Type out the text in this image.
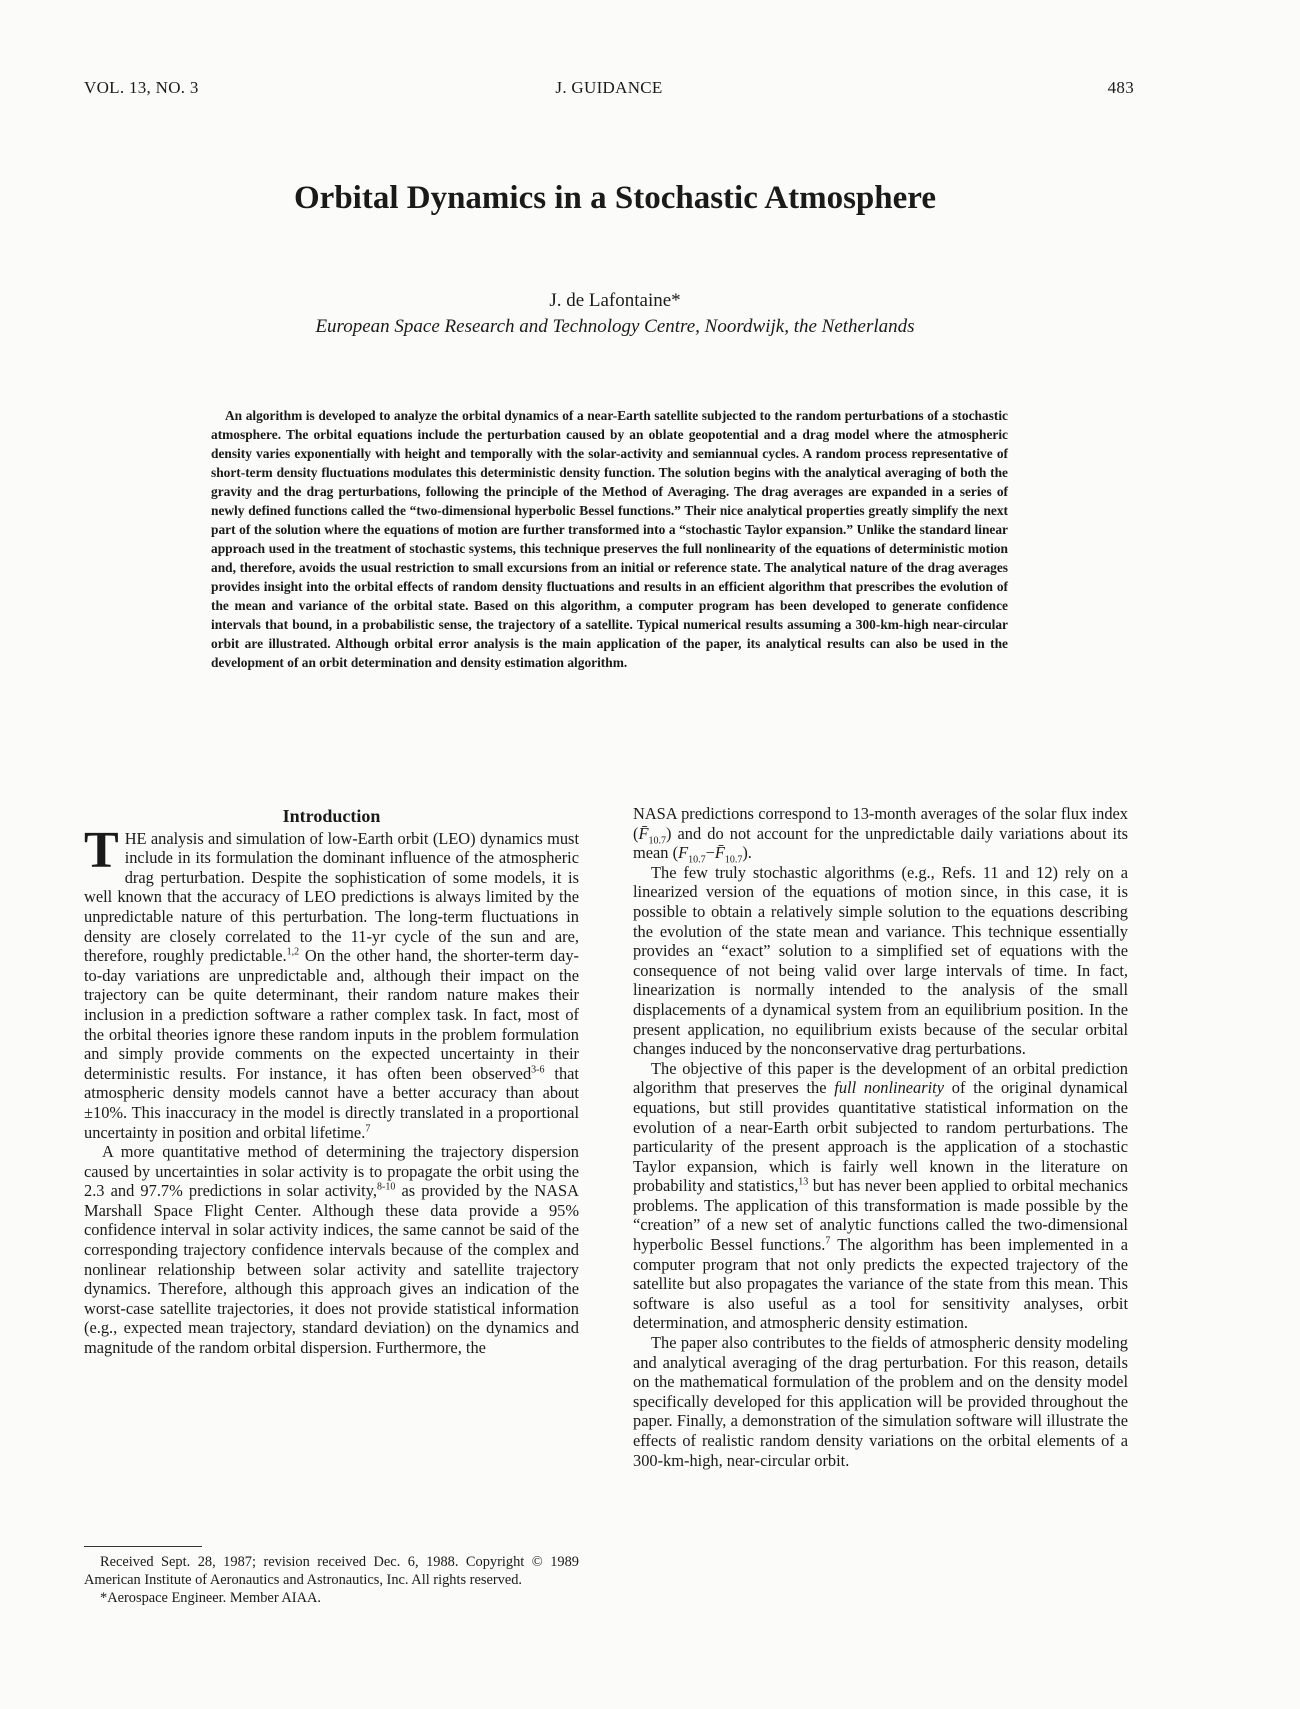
VOL. 13, NO. 3	J. GUIDANCE	483
Orbital Dynamics in a Stochastic Atmosphere
J. de Lafontaine*
European Space Research and Technology Centre, Noordwijk, the Netherlands

An algorithm is developed to analyze the orbital dynamics of a near-Earth satellite subjected to the random perturbations of a stochastic atmosphere. The orbital equations include the perturbation caused by an oblate geopotential and a drag model where the atmospheric density varies exponentially with height and temporally with the solar-activity and semiannual cycles. A random process representative of short-term density fluctuations modulates this deterministic density function. The solution begins with the analytical averaging of both the gravity and the drag perturbations, following the principle of the Method of Averaging. The drag averages are expanded in a series of newly defined functions called the “two-dimensional hyperbolic Bessel functions.” Their nice analytical properties greatly simplify the next part of the solution where the equations of motion are further transformed into a “stochastic Taylor expansion.” Unlike the standard linear approach used in the treatment of stochastic systems, this technique preserves the full nonlinearity of the equations of deterministic motion and, therefore, avoids the usual restriction to small excursions from an initial or reference state. The analytical nature of the drag averages provides insight into the orbital effects of random density fluctuations and results in an efficient algorithm that prescribes the evolution of the mean and variance of the orbital state. Based on this algorithm, a computer program has been developed to generate confidence intervals that bound, in a probabilistic sense, the trajectory of a satellite. Typical numerical results assuming a 300-km-high near-circular orbit are illustrated. Although orbital error analysis is the main application of the paper, its analytical results can also be used in the development of an orbit determination and density estimation algorithm.

Introduction

THE analysis and simulation of low-Earth orbit (LEO) dynamics must include in its formulation the dominant influence of the atmospheric drag perturbation. Despite the sophistication of some models, it is well known that the accuracy of LEO predictions is always limited by the unpredictable nature of this perturbation. The long-term fluctuations in density are closely correlated to the 11-yr cycle of the sun and are, therefore, roughly predictable.$^{1,2}$ On the other hand, the shorter-term day-to-day variations are unpredictable and, although their impact on the trajectory can be quite determinant, their random nature makes their inclusion in a prediction software a rather complex task. In fact, most of the orbital theories ignore these random inputs in the problem formulation and simply provide comments on the expected uncertainty in their deterministic results. For instance, it has often been observed$^{3-6}$ that atmospheric density models cannot have a better accuracy than about ±10%. This inaccuracy in the model is directly translated in a proportional uncertainty in position and orbital lifetime.$^7$

A more quantitative method of determining the trajectory dispersion caused by uncertainties in solar activity is to propagate the orbit using the 2.3 and 97.7% predictions in solar activity,$^{8-10}$ as provided by the NASA Marshall Space Flight Center. Although these data provide a 95% confidence interval in solar activity indices, the same cannot be said of the corresponding trajectory confidence intervals because of the complex and nonlinear relationship between solar activity and satellite trajectory dynamics. Therefore, although this approach gives an indication of the worst-case satellite trajectories, it does not provide statistical information (e.g., expected mean trajectory, standard deviation) on the dynamics and magnitude of the random orbital dispersion. Furthermore, the

NASA predictions correspond to 13-month averages of the solar flux index $(F̄_{10.7})$ and do not account for the unpredictable daily variations about its mean $(F_{10.7}-F̄_{10.7})$.

The few truly stochastic algorithms (e.g., Refs. 11 and 12) rely on a linearized version of the equations of motion since, in this case, it is possible to obtain a relatively simple solution to the equations describing the evolution of the state mean and variance. This technique essentially provides an “exact” solution to a simplified set of equations with the consequence of not being valid over large intervals of time. In fact, linearization is normally intended to the analysis of the small displacements of a dynamical system from an equilibrium position. In the present application, no equilibrium exists because of the secular orbital changes induced by the nonconservative drag perturbations.

The objective of this paper is the development of an orbital prediction algorithm that preserves the full nonlinearity of the original dynamical equations, but still provides quantitative statistical information on the evolution of a near-Earth orbit subjected to random perturbations. The particularity of the present approach is the application of a stochastic Taylor expansion, which is fairly well known in the literature on probability and statistics,$^{13}$ but has never been applied to orbital mechanics problems. The application of this transformation is made possible by the “creation” of a new set of analytic functions called the two-dimensional hyperbolic Bessel functions.$^7$ The algorithm has been implemented in a computer program that not only predicts the expected trajectory of the satellite but also propagates the variance of the state from this mean. This software is also useful as a tool for sensitivity analyses, orbit determination, and atmospheric density estimation.

The paper also contributes to the fields of atmospheric density modeling and analytical averaging of the drag perturbation. For this reason, details on the mathematical formulation of the problem and on the density model specifically developed for this application will be provided throughout the paper. Finally, a demonstration of the simulation software will illustrate the effects of realistic random density variations on the orbital elements of a 300-km-high, near-circular orbit.

Received Sept. 28, 1987; revision received Dec. 6, 1988. Copyright © 1989 American Institute of Aeronautics and Astronautics, Inc. All rights reserved.

*Aerospace Engineer. Member AIAA.
